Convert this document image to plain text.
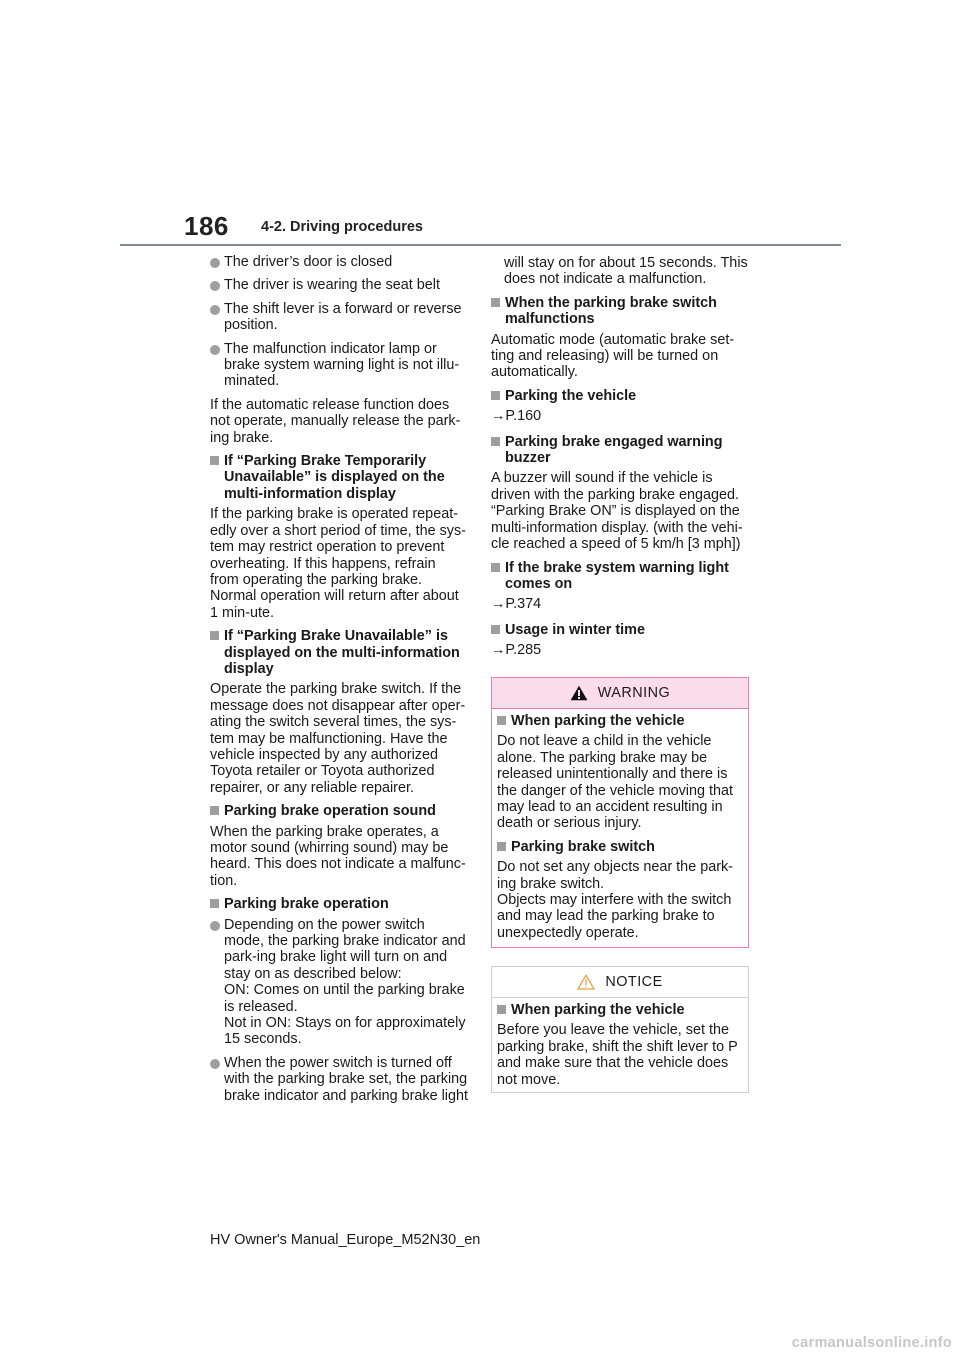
186 4-2. Driving procedures
The driver’s door is closed
The driver is wearing the seat belt
The shift lever is a forward or reverse position.
The malfunction indicator lamp or brake system warning light is not illu-minated.
If the automatic release function does not operate, manually release the park-ing brake.
If “Parking Brake Temporarily Unavailable” is displayed on the multi-information display
If the parking brake is operated repeat-edly over a short period of time, the sys-tem may restrict operation to prevent overheating. If this happens, refrain from operating the parking brake. Normal operation will return after about 1 min-ute.
If “Parking Brake Unavailable” is displayed on the multi-information display
Operate the parking brake switch. If the message does not disappear after oper-ating the switch several times, the sys-tem may be malfunctioning. Have the vehicle inspected by any authorized Toyota retailer or Toyota authorized repairer, or any reliable repairer.
Parking brake operation sound
When the parking brake operates, a motor sound (whirring sound) may be heard. This does not indicate a malfunc-tion.
Parking brake operation
Depending on the power switch mode, the parking brake indicator and park-ing brake light will turn on and stay on as described below:
ON: Comes on until the parking brake is released.
Not in ON: Stays on for approximately 15 seconds.
When the power switch is turned off with the parking brake set, the parking brake indicator and parking brake light
will stay on for about 15 seconds. This does not indicate a malfunction.
When the parking brake switch malfunctions
Automatic mode (automatic brake set-ting and releasing) will be turned on automatically.
Parking the vehicle
→P.160
Parking brake engaged warning buzzer
A buzzer will sound if the vehicle is driven with the parking brake engaged. “Parking Brake ON” is displayed on the multi-information display. (with the vehi-cle reached a speed of 5 km/h [3 mph])
If the brake system warning light comes on
→P.374
Usage in winter time
→P.285
WARNING
When parking the vehicle
Do not leave a child in the vehicle alone. The parking brake may be released unintentionally and there is the danger of the vehicle moving that may lead to an accident resulting in death or serious injury.
Parking brake switch
Do not set any objects near the park-ing brake switch.
Objects may interfere with the switch and may lead the parking brake to unexpectedly operate.
NOTICE
When parking the vehicle
Before you leave the vehicle, set the parking brake, shift the shift lever to P and make sure that the vehicle does not move.
HV Owner's Manual_Europe_M52N30_en
carmanualsonline.info
